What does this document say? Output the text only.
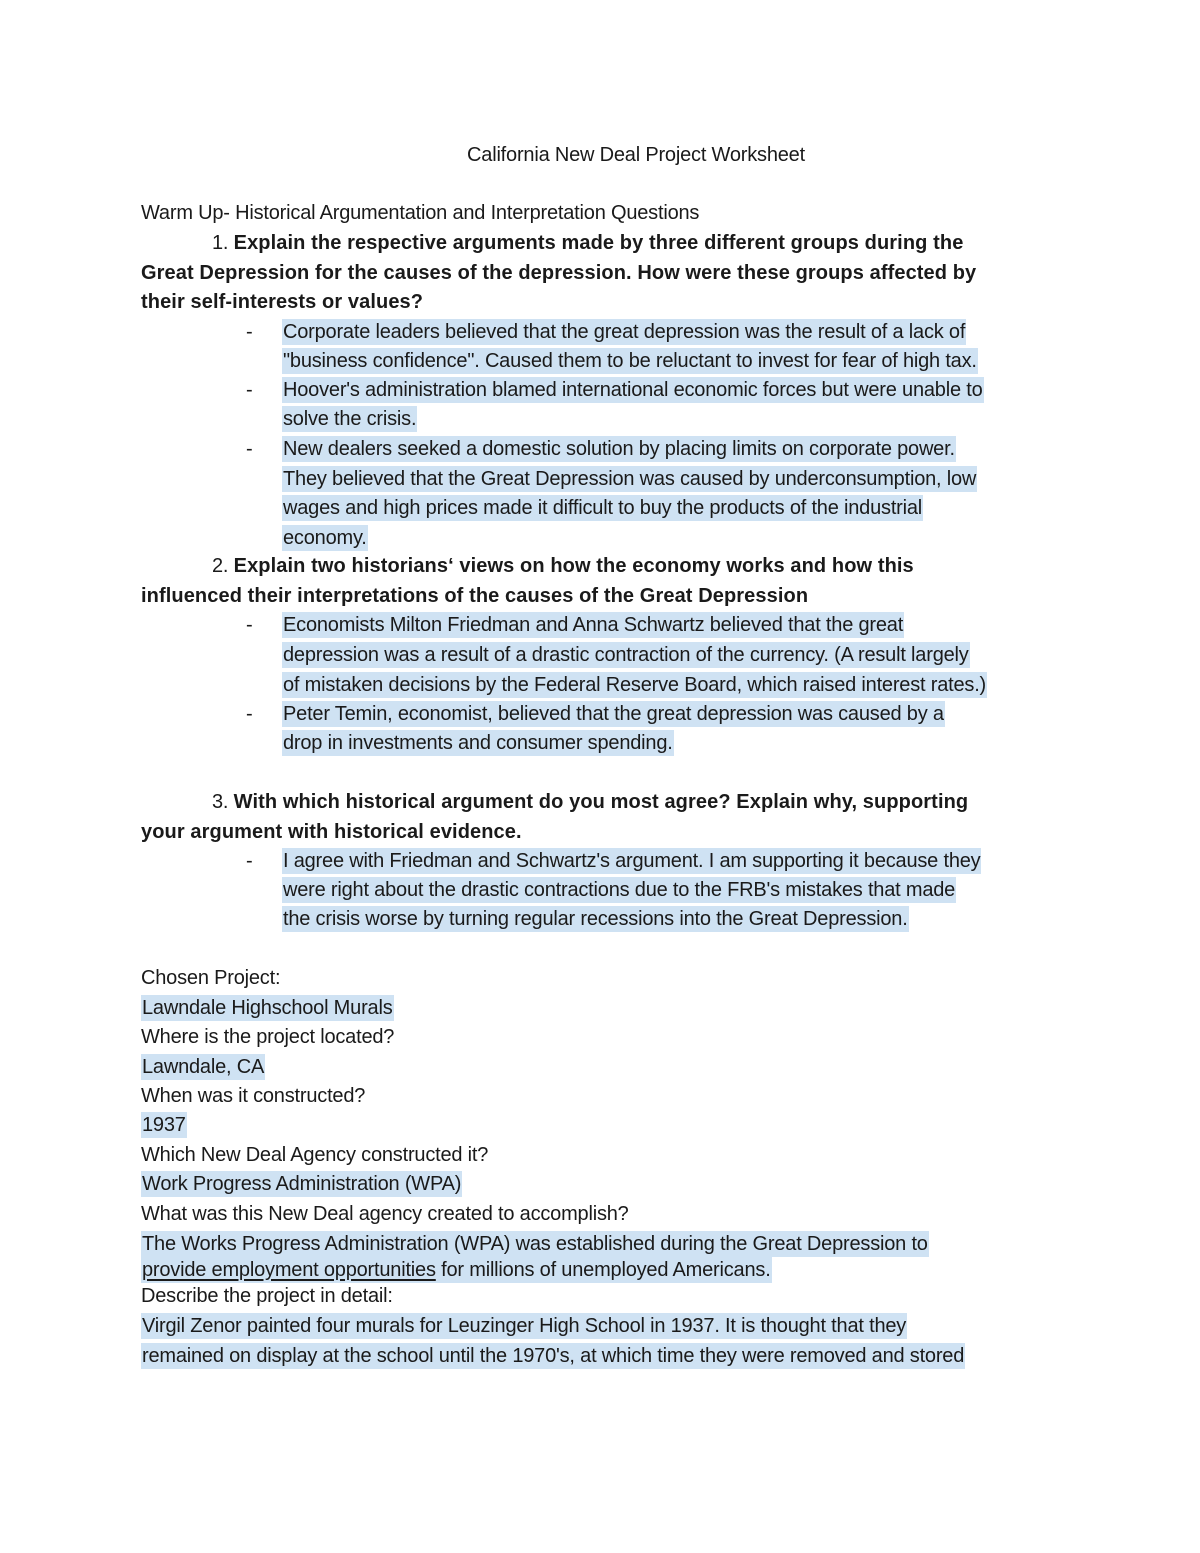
California New Deal Project Worksheet
Warm Up- Historical Argumentation and Interpretation Questions
1. Explain the respective arguments made by three different groups during the
Great Depression for the causes of the depression. How were these groups affected by
their self-interests or values?
- Corporate leaders believed that the great depression was the result of a lack of
"business confidence". Caused them to be reluctant to invest for fear of high tax.
- Hoover's administration blamed international economic forces but were unable to
solve the crisis.
- New dealers seeked a domestic solution by placing limits on corporate power.
They believed that the Great Depression was caused by underconsumption, low
wages and high prices made it difficult to buy the products of the industrial
economy.
2. Explain two historians‘ views on how the economy works and how this
influenced their interpretations of the causes of the Great Depression
- Economists Milton Friedman and Anna Schwartz believed that the great
depression was a result of a drastic contraction of the currency. (A result largely
of mistaken decisions by the Federal Reserve Board, which raised interest rates.)
- Peter Temin, economist, believed that the great depression was caused by a
drop in investments and consumer spending.
3. With which historical argument do you most agree? Explain why, supporting
your argument with historical evidence.
- I agree with Friedman and Schwartz's argument. I am supporting it because they
were right about the drastic contractions due to the FRB's mistakes that made
the crisis worse by turning regular recessions into the Great Depression.
Chosen Project:
Lawndale Highschool Murals
Where is the project located?
Lawndale, CA
When was it constructed?
1937
Which New Deal Agency constructed it?
Work Progress Administration (WPA)
What was this New Deal agency created to accomplish?
The Works Progress Administration (WPA) was established during the Great Depression to
provide employment opportunities for millions of unemployed Americans.
Describe the project in detail:
Virgil Zenor painted four murals for Leuzinger High School in 1937. It is thought that they
remained on display at the school until the 1970's, at which time they were removed and stored
